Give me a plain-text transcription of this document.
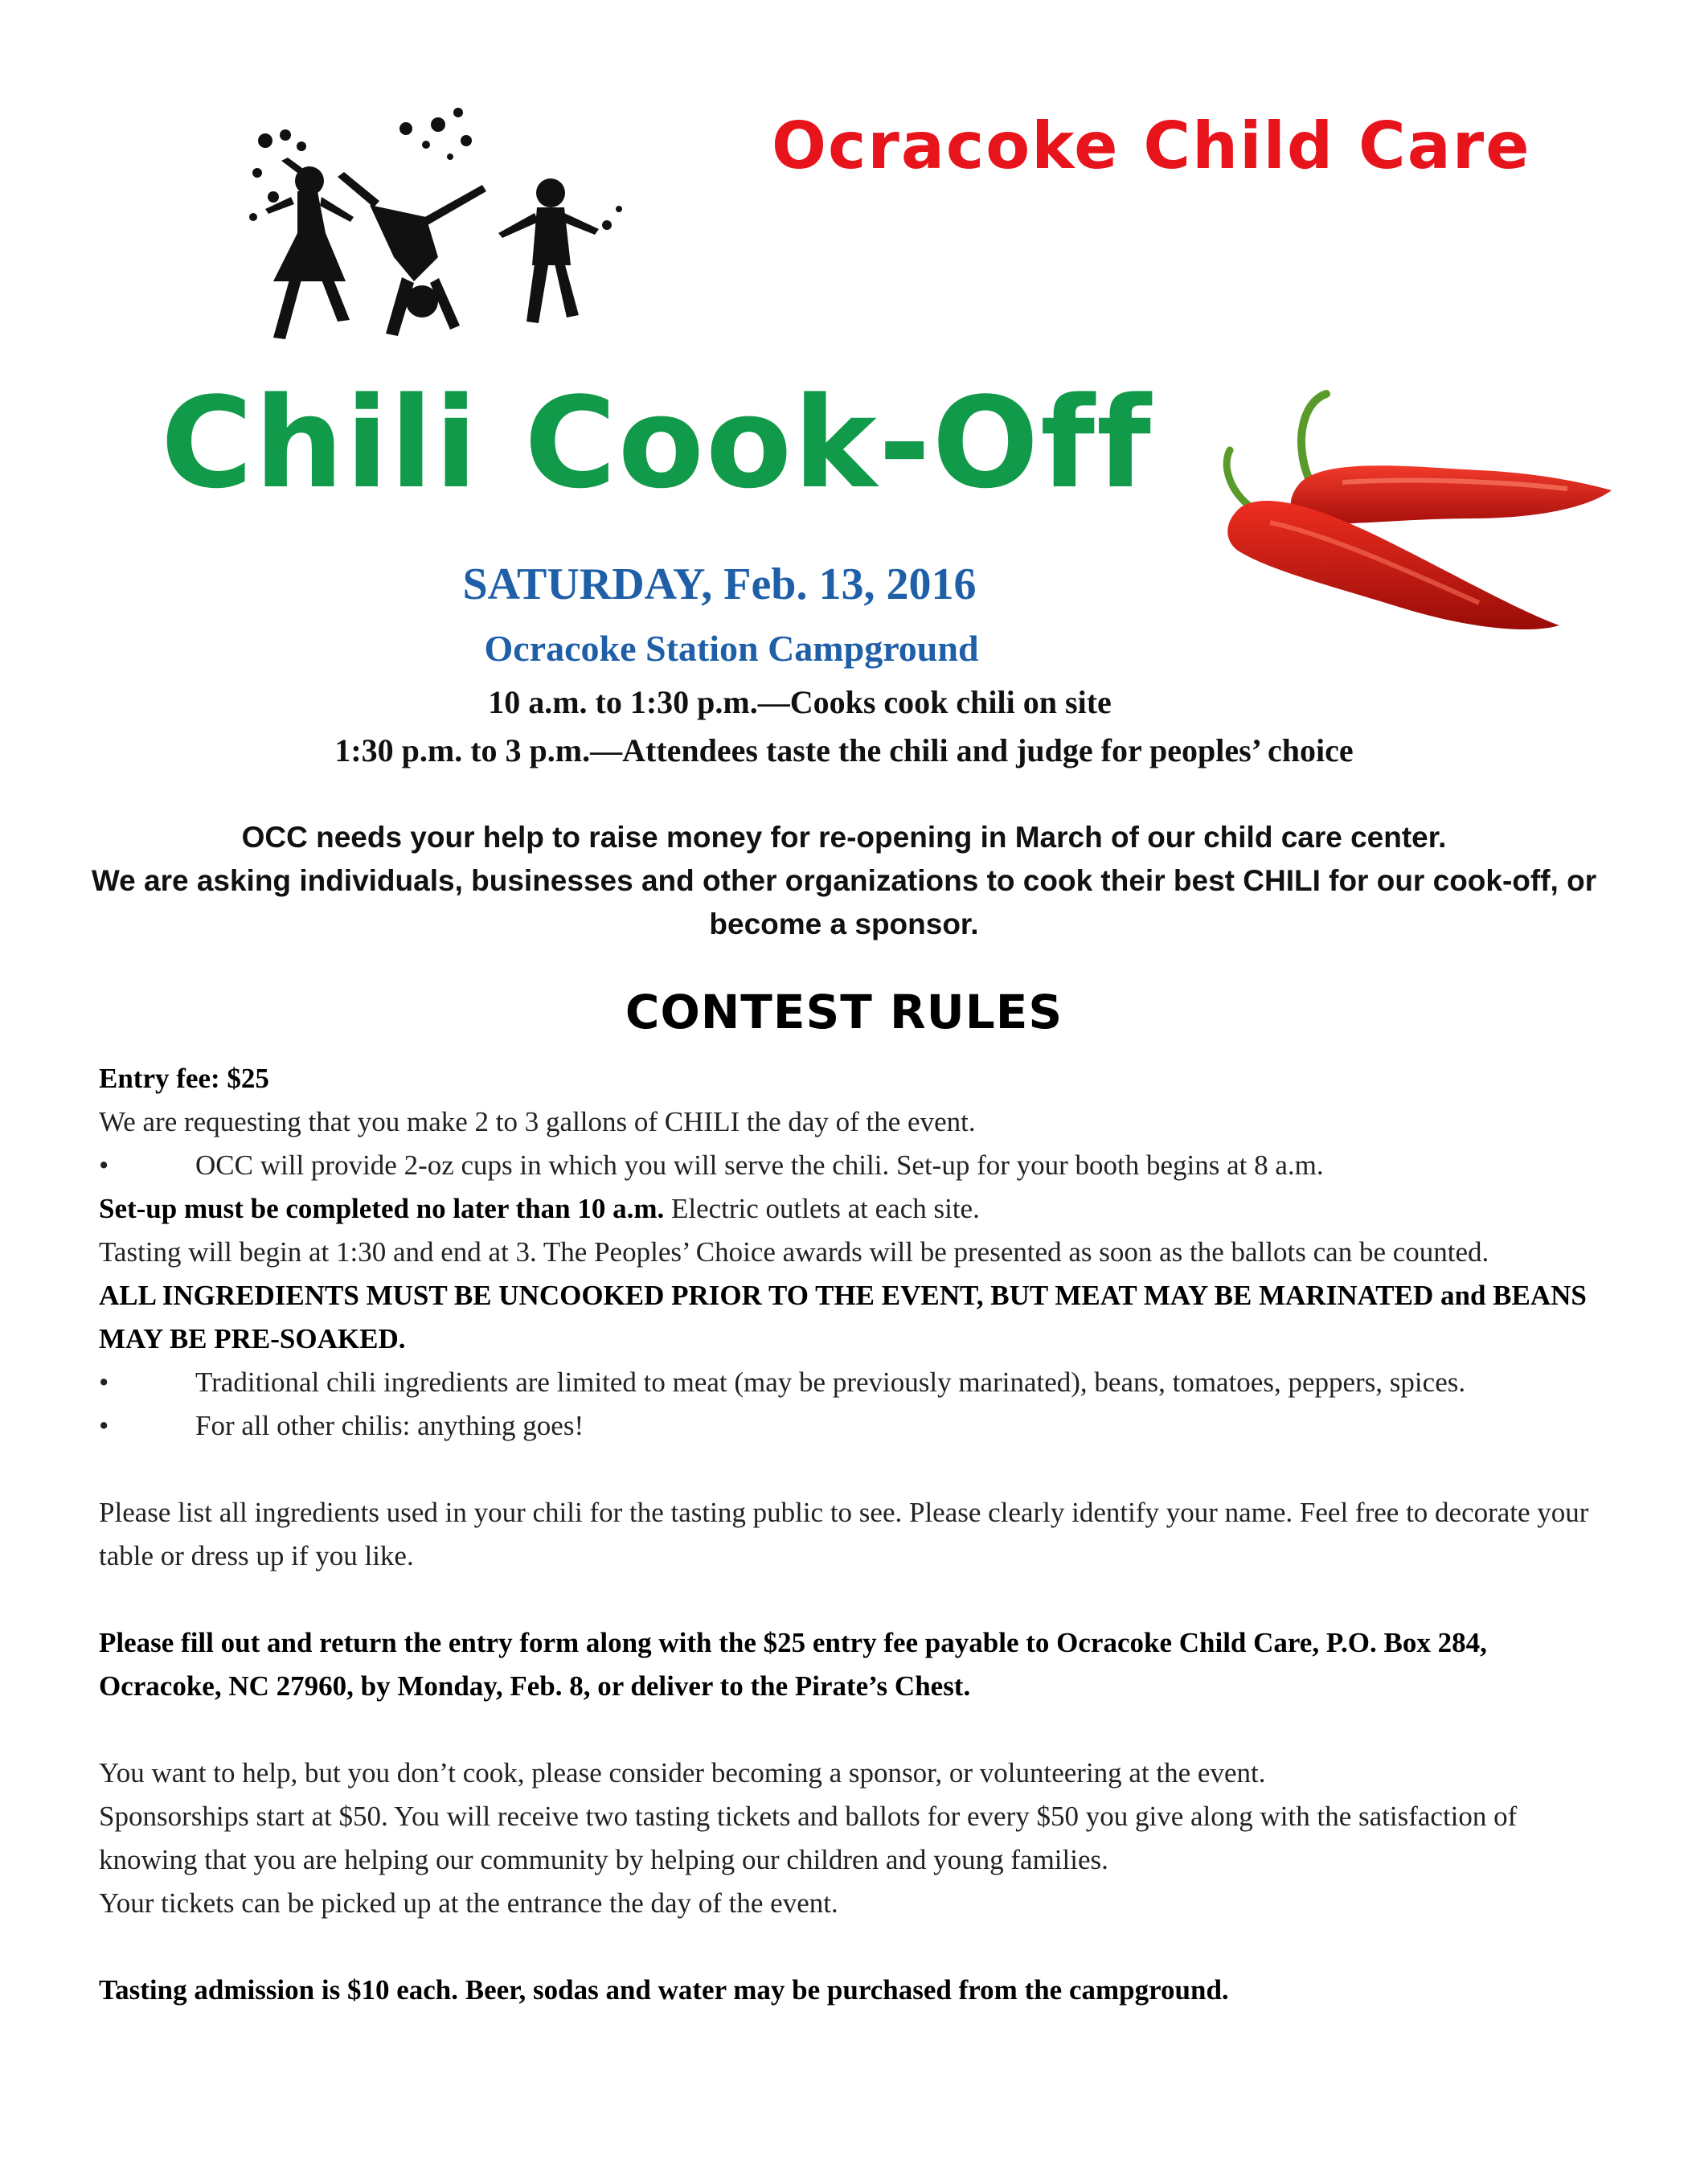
Ocracoke Child Care
Chili Cook-Off
SATURDAY, Feb. 13, 2016
Ocracoke Station Campground
10 a.m. to 1:30 p.m.—Cooks cook chili on site
1:30 p.m. to 3 p.m.—Attendees taste the chili and judge for peoples’ choice
OCC needs your help to raise money for re-opening in March of our child care center.
We are asking individuals, businesses and other organizations to cook their best CHILI for our cook-off, or become a sponsor.
CONTEST RULES

Entry fee: $25

We are requesting that you make 2 to 3 gallons of CHILI the day of the event.

•	OCC will provide 2-oz cups in which you will serve the chili. Set-up for your booth begins at 8 a.m.

Set-up must be completed no later than 10 a.m. Electric outlets at each site.

Tasting will begin at 1:30 and end at 3. The Peoples’ Choice awards will be presented as soon as the ballots can be counted.

ALL INGREDIENTS MUST BE UNCOOKED PRIOR TO THE EVENT, BUT MEAT MAY BE MARINATED and BEANS MAY BE PRE-SOAKED.

•	Traditional chili ingredients are limited to meat (may be previously marinated), beans, tomatoes, peppers, spices.

•	For all other chilis: anything goes!

Please list all ingredients used in your chili for the tasting public to see. Please clearly identify your name. Feel free to decorate your table or dress up if you like.

Please fill out and return the entry form along with the $25 entry fee payable to Ocracoke Child Care, P.O. Box 284, Ocracoke, NC 27960, by Monday, Feb. 8, or deliver to the Pirate’s Chest.

You want to help, but you don’t cook, please consider becoming a sponsor, or volunteering at the event.

Sponsorships start at $50. You will receive two tasting tickets and ballots for every $50 you give along with the satisfaction of knowing that you are helping our community by helping our children and young families.

Your tickets can be picked up at the entrance the day of the event.

Tasting admission is $10 each. Beer, sodas and water may be purchased from the campground.
